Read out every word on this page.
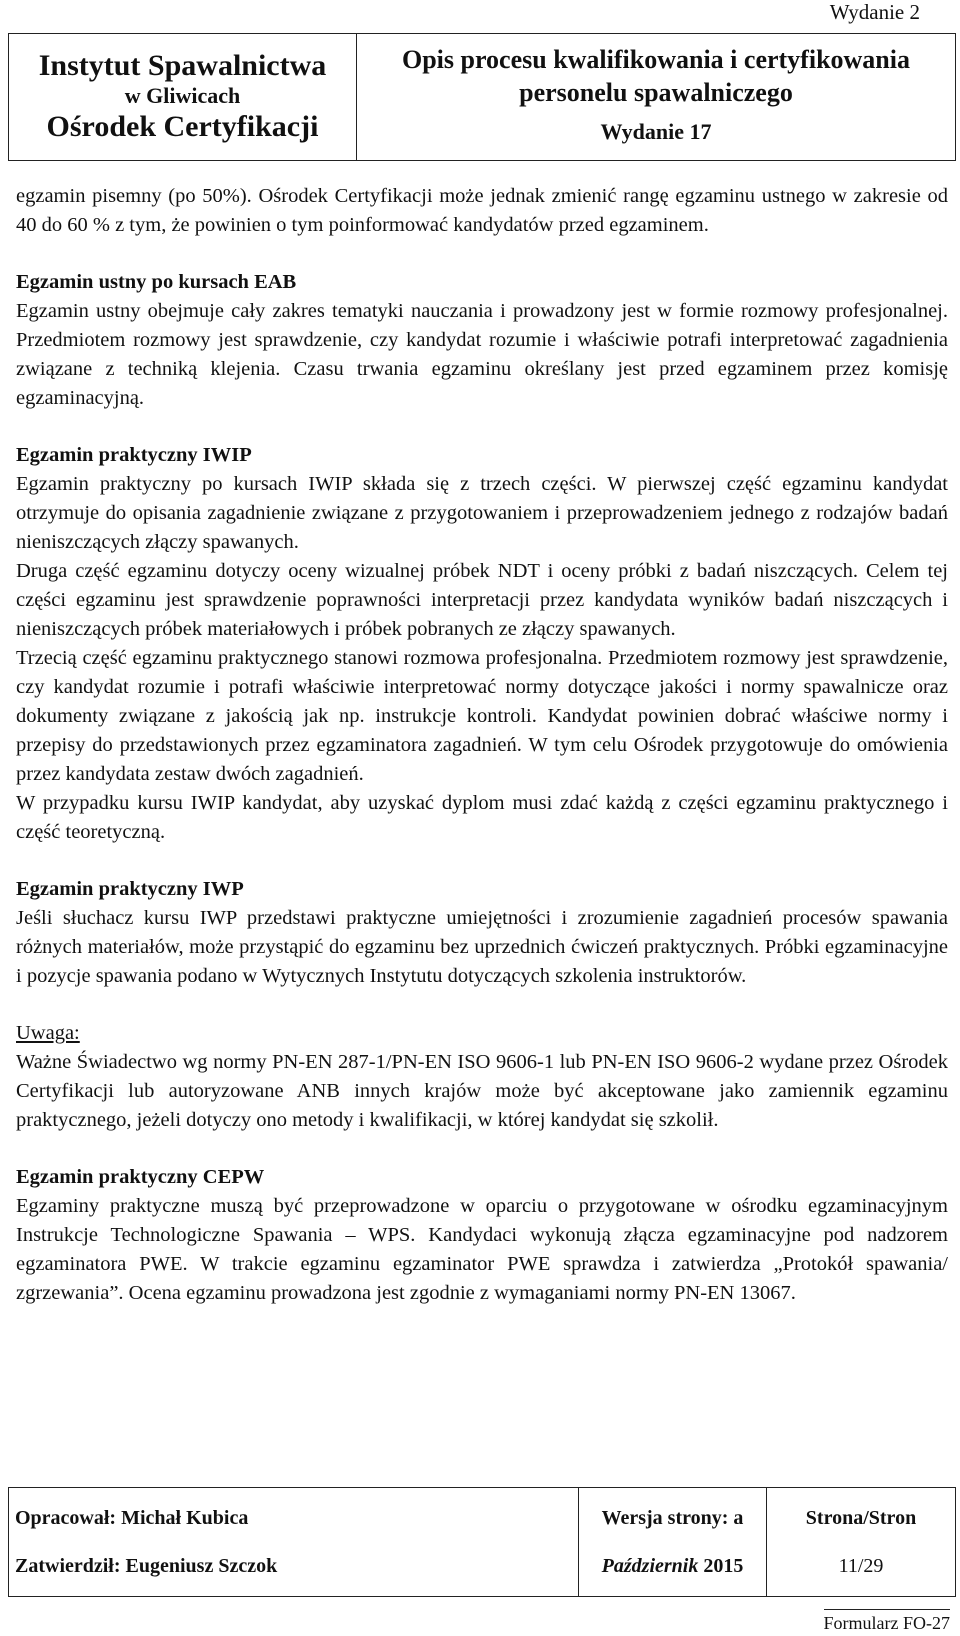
Wydanie 2
Instytut Spawalnictwa
w Gliwicach
Ośrodek Certyfikacji
Opis procesu kwalifikowania i certyfikowania
personelu spawalniczego
Wydanie 17

egzamin pisemny (po 50%). Ośrodek Certyfikacji może jednak zmienić rangę egzaminu ustnego w zakresie od 40 do 60 % z tym, że powinien o tym poinformować kandydatów przed egzaminem.

Egzamin ustny po kursach EAB

Egzamin ustny obejmuje cały zakres tematyki nauczania i prowadzony jest w formie rozmowy profesjonalnej. Przedmiotem rozmowy jest sprawdzenie, czy kandydat rozumie i właściwie potrafi interpretować zagadnienia związane z techniką klejenia. Czasu trwania egzaminu określany jest przed egzaminem przez komisję egzaminacyjną.

Egzamin praktyczny IWIP

Egzamin praktyczny po kursach IWIP składa się z trzech części. W pierwszej część egzaminu kandydat otrzymuje do opisania zagadnienie związane z przygotowaniem i przeprowadzeniem jednego z rodzajów badań nieniszczących złączy spawanych.

Druga część egzaminu dotyczy oceny wizualnej próbek NDT i oceny próbki z badań niszczących. Celem tej części egzaminu jest sprawdzenie poprawności interpretacji przez kandydata wyników badań niszczących i nieniszczących próbek materiałowych i próbek pobranych ze złączy spawanych.

Trzecią część egzaminu praktycznego stanowi rozmowa profesjonalna. Przedmiotem rozmowy jest sprawdzenie, czy kandydat rozumie i potrafi właściwie interpretować normy dotyczące jakości i normy spawalnicze oraz dokumenty związane z jakością jak np. instrukcje kontroli. Kandydat powinien dobrać właściwe normy i przepisy do przedstawionych przez egzaminatora zagadnień. W tym celu Ośrodek przygotowuje do omówienia przez kandydata zestaw dwóch zagadnień.

W przypadku kursu IWIP kandydat, aby uzyskać dyplom musi zdać każdą z części egzaminu praktycznego i część teoretyczną.

Egzamin praktyczny IWP

Jeśli słuchacz kursu IWP przedstawi praktyczne umiejętności i zrozumienie zagadnień procesów spawania różnych materiałów, może przystąpić do egzaminu bez uprzednich ćwiczeń praktycznych. Próbki egzaminacyjne i pozycje spawania podano w Wytycznych Instytutu dotyczących szkolenia instruktorów.

Uwaga:

Ważne Świadectwo wg normy PN-EN 287-1/PN-EN ISO 9606-1 lub PN-EN ISO 9606-2 wydane przez Ośrodek Certyfikacji lub autoryzowane ANB innych krajów może być akceptowane jako zamiennik egzaminu praktycznego, jeżeli dotyczy ono metody i kwalifikacji, w której kandydat się szkolił.

Egzamin praktyczny CEPW

Egzaminy praktyczne muszą być przeprowadzone w oparciu o przygotowane w ośrodku egzaminacyjnym Instrukcje Technologiczne Spawania – WPS. Kandydaci wykonują złącza egzaminacyjne pod nadzorem egzaminatora PWE. W trakcie egzaminu egzaminator PWE sprawdza i zatwierdza „Protokół spawania/ zgrzewania”. Ocena egzaminu prowadzona jest zgodnie z wymaganiami normy PN-EN 13067.

Opracował: Michał Kubica
Zatwierdził: Eugeniusz Szczok
Wersja strony: a
Październik 2015
Strona/Stron
11/29
Formularz FO-27
